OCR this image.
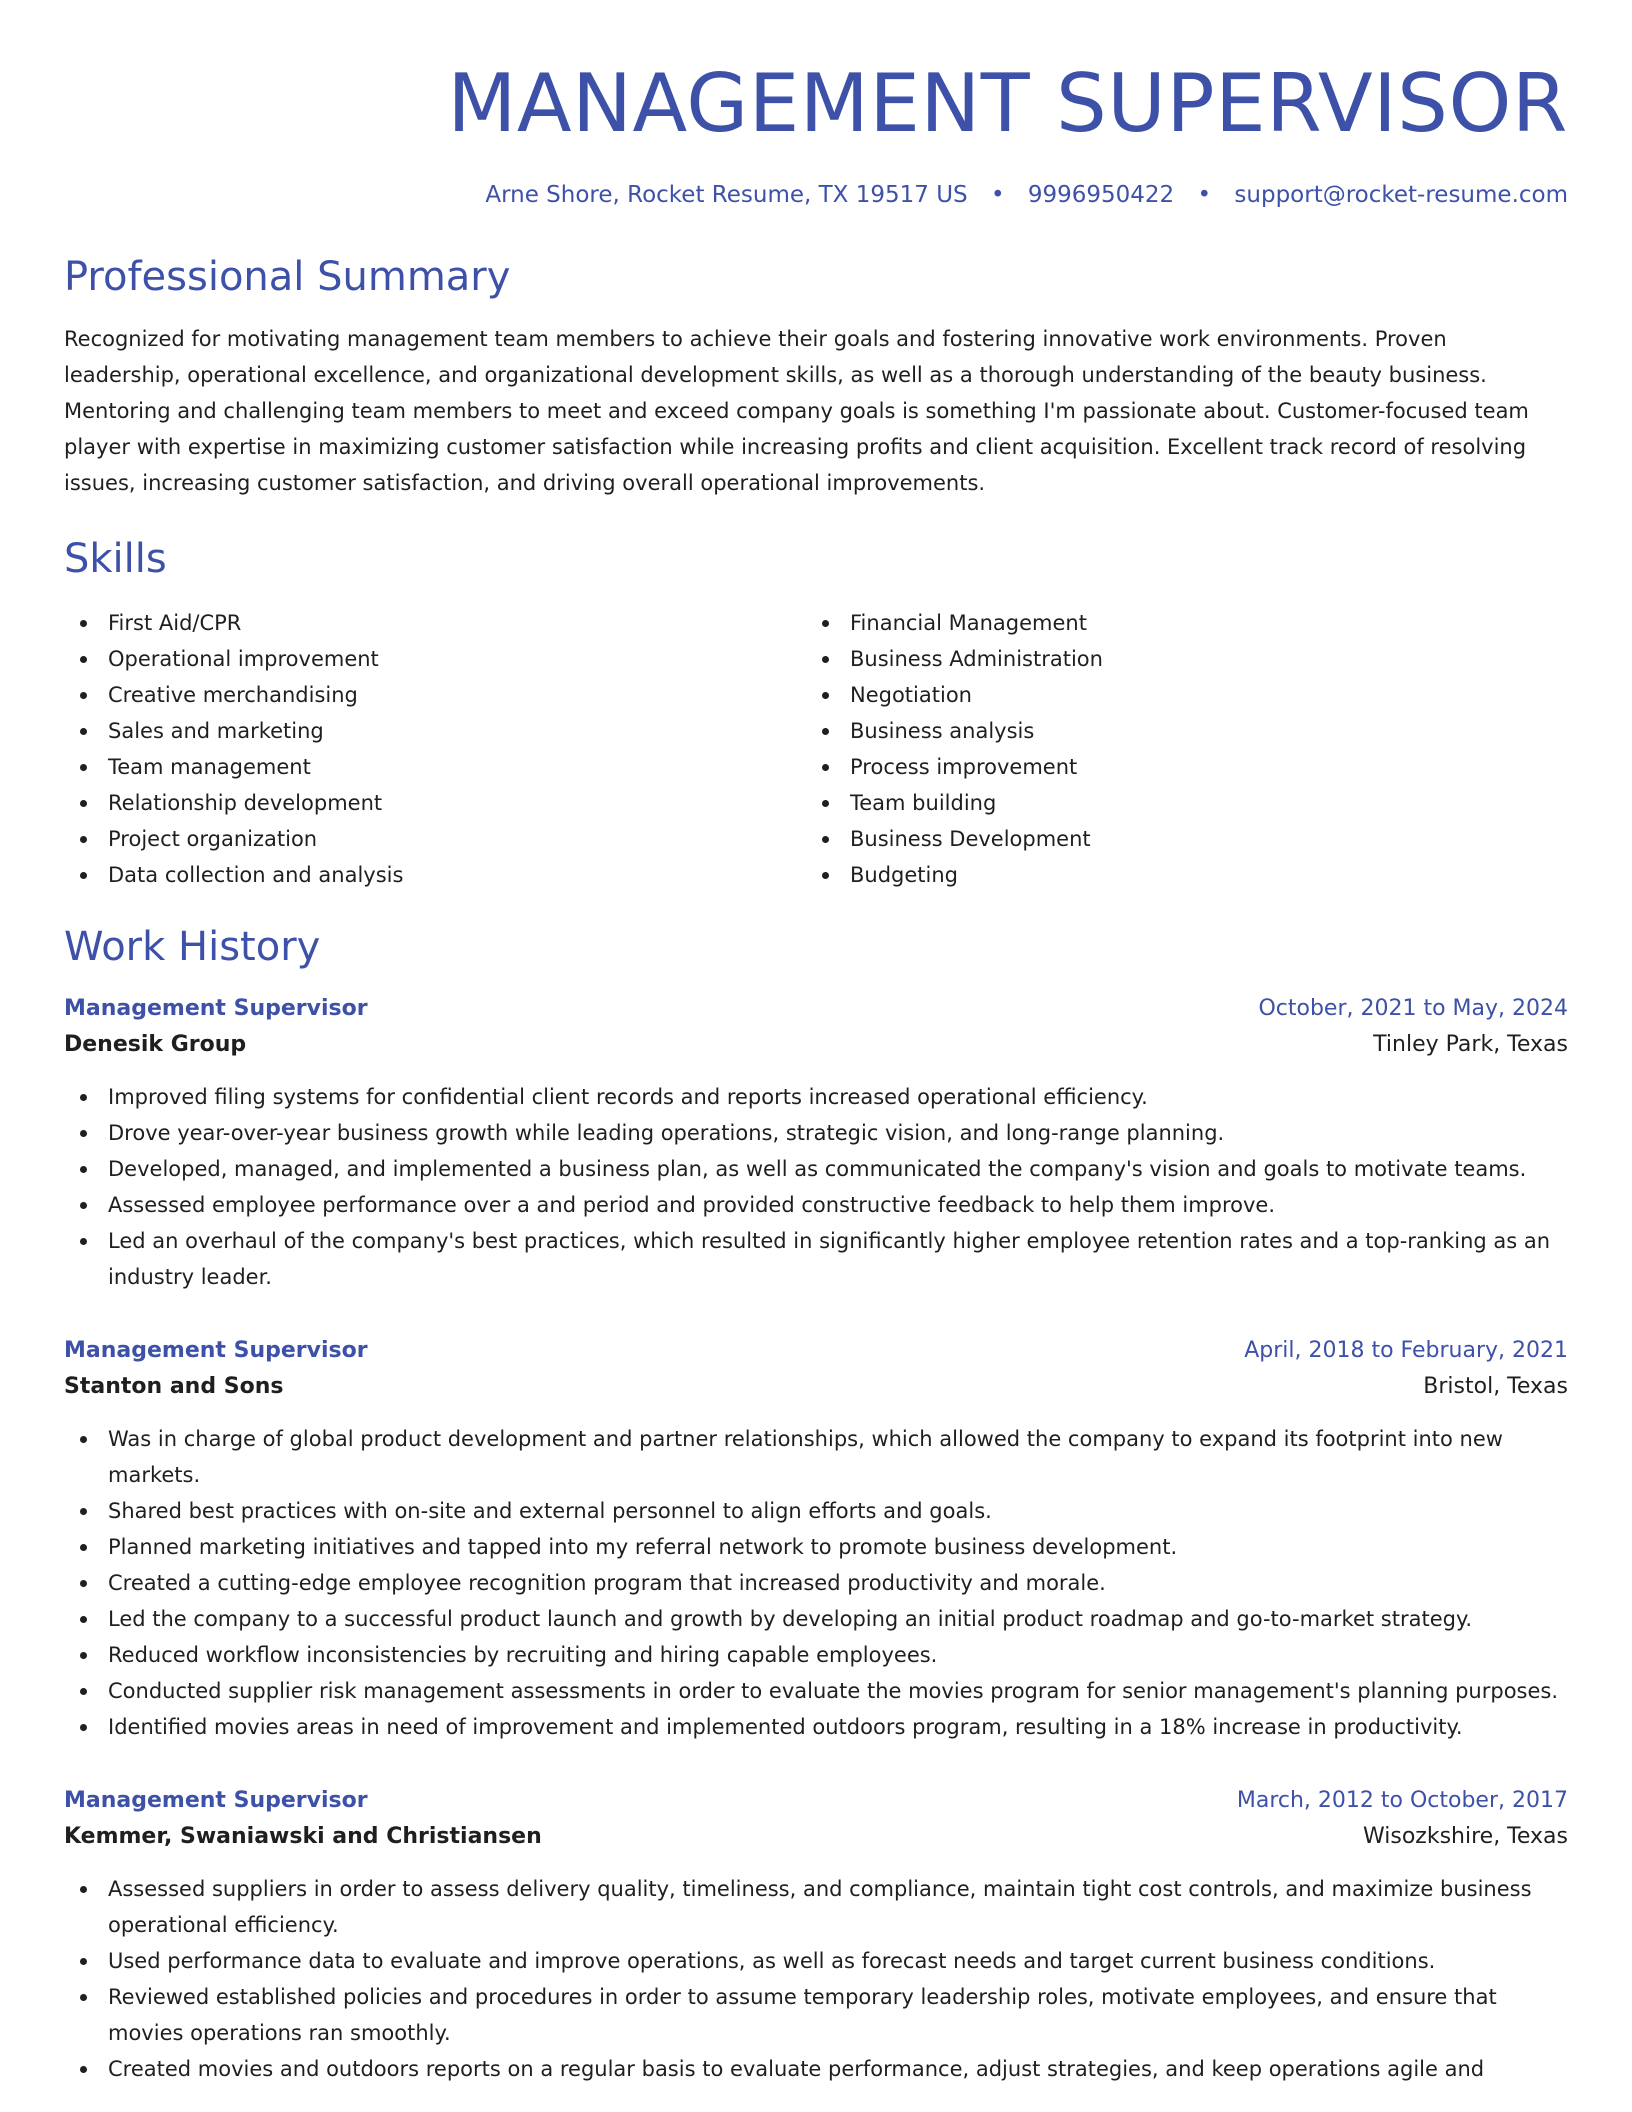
MANAGEMENT SUPERVISOR
Arne Shore, Rocket Resume, TX 19517 US • 9996950422 • support@rocket-resume.com
Professional Summary

Recognized for motivating management team members to achieve their goals and fostering innovative work environments. Proven leadership, operational excellence, and organizational development skills, as well as a thorough understanding of the beauty business. Mentoring and challenging team members to meet and exceed company goals is something I'm passionate about. Customer-focused team player with expertise in maximizing customer satisfaction while increasing profits and client acquisition. Excellent track record of resolving issues, increasing customer satisfaction, and driving overall operational improvements.

Skills
First Aid/CPR
Operational improvement
Creative merchandising
Sales and marketing
Team management
Relationship development
Project organization
Data collection and analysis
Financial Management
Business Administration
Negotiation
Business analysis
Process improvement
Team building
Business Development
Budgeting
Work History
Management Supervisor	October, 2021 to May, 2024
Denesik Group	Tinley Park, Texas
Improved filing systems for confidential client records and reports increased operational efficiency.
Drove year-over-year business growth while leading operations, strategic vision, and long-range planning.
Developed, managed, and implemented a business plan, as well as communicated the company's vision and goals to motivate teams.
Assessed employee performance over a and period and provided constructive feedback to help them improve.
Led an overhaul of the company's best practices, which resulted in significantly higher employee retention rates and a top-ranking as an industry leader.
Management Supervisor	April, 2018 to February, 2021
Stanton and Sons	Bristol, Texas
Was in charge of global product development and partner relationships, which allowed the company to expand its footprint into new markets.
Shared best practices with on-site and external personnel to align efforts and goals.
Planned marketing initiatives and tapped into my referral network to promote business development.
Created a cutting-edge employee recognition program that increased productivity and morale.
Led the company to a successful product launch and growth by developing an initial product roadmap and go-to-market strategy.
Reduced workflow inconsistencies by recruiting and hiring capable employees.
Conducted supplier risk management assessments in order to evaluate the movies program for senior management's planning purposes.
Identified movies areas in need of improvement and implemented outdoors program, resulting in a 18% increase in productivity.
Management Supervisor	March, 2012 to October, 2017
Kemmer, Swaniawski and Christiansen	Wisozkshire, Texas
Assessed suppliers in order to assess delivery quality, timeliness, and compliance, maintain tight cost controls, and maximize business operational efficiency.
Used performance data to evaluate and improve operations, as well as forecast needs and target current business conditions.
Reviewed established policies and procedures in order to assume temporary leadership roles, motivate employees, and ensure that movies operations ran smoothly.
Created movies and outdoors reports on a regular basis to evaluate performance, adjust strategies, and keep operations agile and
